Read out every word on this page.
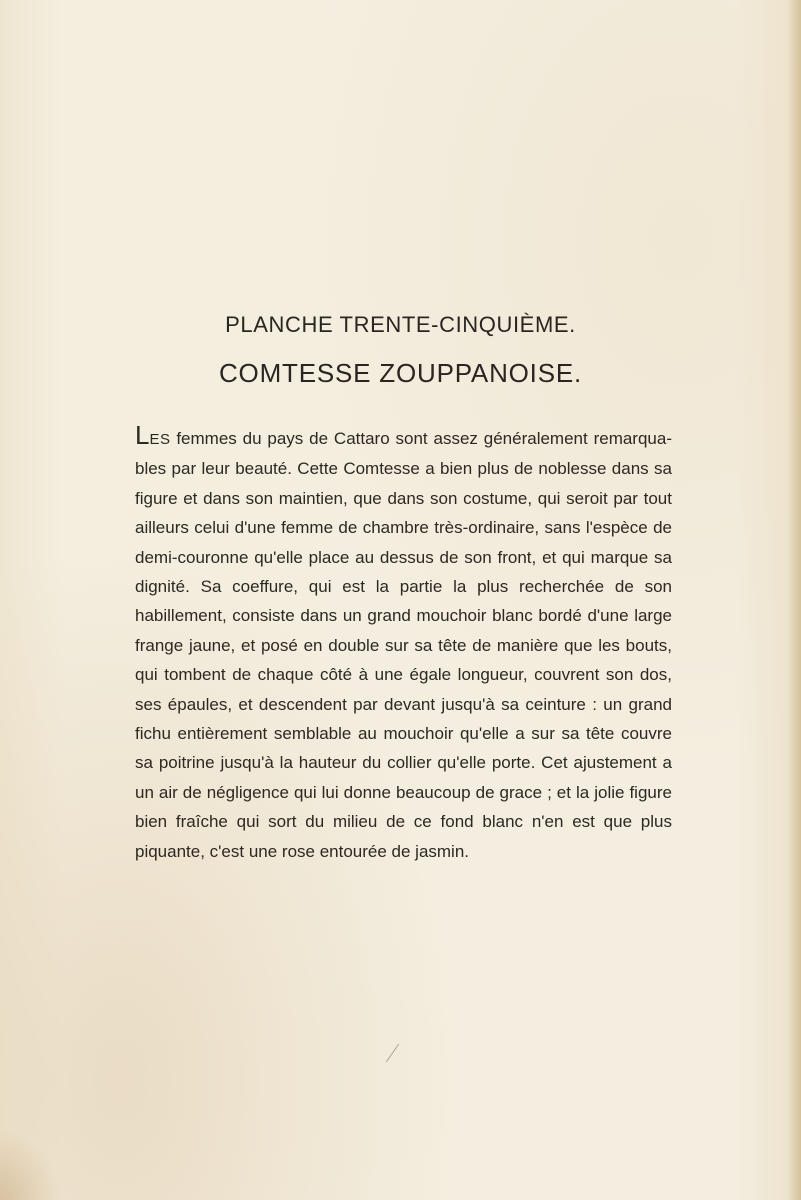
PLANCHE TRENTE-CINQUIÈME.
COMTESSE ZOUPPANOISE.

LES femmes du pays de Cattaro sont assez généralement remarqua-bles par leur beauté. Cette Comtesse a bien plus de noblesse dans sa figure et dans son maintien, que dans son costume, qui seroit par tout ailleurs celui d'une femme de chambre très-ordinaire, sans l'espèce de demi-couronne qu'elle place au dessus de son front, et qui marque sa dignité. Sa coeffure, qui est la partie la plus recherchée de son habillement, consiste dans un grand mouchoir blanc bordé d'une large frange jaune, et posé en double sur sa tête de manière que les bouts, qui tombent de chaque côté à une égale longueur, couvrent son dos, ses épaules, et descendent par devant jusqu'à sa ceinture : un grand fichu entièrement semblable au mouchoir qu'elle a sur sa tête couvre sa poitrine jusqu'à la hauteur du collier qu'elle porte. Cet ajustement a un air de négligence qui lui donne beaucoup de grace ; et la jolie figure bien fraîche qui sort du milieu de ce fond blanc n'en est que plus piquante, c'est une rose entourée de jasmin.
